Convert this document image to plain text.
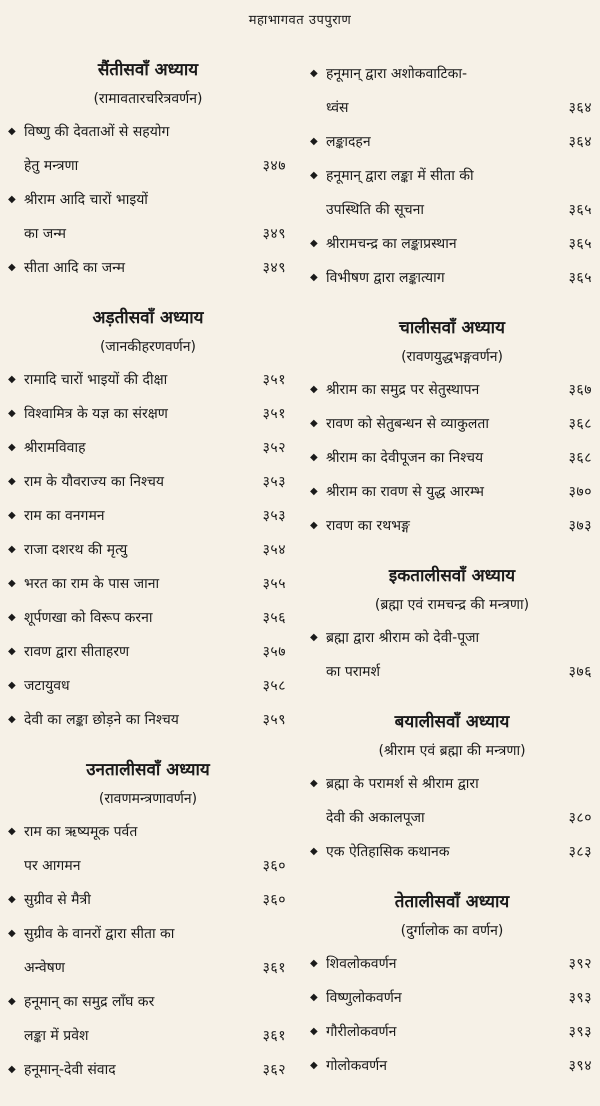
महाभागवत उपपुराण
सैंतीसवाँ अध्याय
(रामावतारचरित्रवर्णन)
◆ विष्णु की देवताओं से सहयोग
हेतु मन्त्रणा	३४७
◆ श्रीराम आदि चारों भाइयों
का जन्म	३४९
◆ सीता आदि का जन्म	३४९
अड़तीसवाँ अध्याय
(जानकीहरणवर्णन)
◆ रामादि चारों भाइयों की दीक्षा	३५१
◆ विश्वामित्र के यज्ञ का संरक्षण	३५१
◆ श्रीरामविवाह	३५२
◆ राम के यौवराज्य का निश्चय	३५३
◆ राम का वनगमन	३५३
◆ राजा दशरथ की मृत्यु	३५४
◆ भरत का राम के पास जाना	३५५
◆ शूर्पणखा को विरूप करना	३५६
◆ रावण द्वारा सीताहरण	३५७
◆ जटायुवध	३५८
◆ देवी का लङ्का छोड़ने का निश्चय	३५९
उनतालीसवाँ अध्याय
(रावणमन्त्रणावर्णन)
◆ राम का ऋष्यमूक पर्वत
पर आगमन	३६०
◆ सुग्रीव से मैत्री	३६०
◆ सुग्रीव के वानरों द्वारा सीता का
अन्वेषण	३६१
◆ हनूमान् का समुद्र लाँघ कर
लङ्का में प्रवेश	३६१
◆ हनूमान्-देवी संवाद	३६२
◆ हनूमान् द्वारा अशोकवाटिका-
ध्वंस	३६४
◆ लङ्कादहन	३६४
◆ हनूमान् द्वारा लङ्का में सीता की
उपस्थिति की सूचना	३६५
◆ श्रीरामचन्द्र का लङ्काप्रस्थान	३६५
◆ विभीषण द्वारा लङ्कात्याग	३६५
चालीसवाँ अध्याय
(रावणयुद्धभङ्गवर्णन)
◆ श्रीराम का समुद्र पर सेतुस्थापन	३६७
◆ रावण को सेतुबन्धन से व्याकुलता	३६८
◆ श्रीराम का देवीपूजन का निश्चय	३६८
◆ श्रीराम का रावण से युद्ध आरम्भ	३७०
◆ रावण का रथभङ्ग	३७३
इकतालीसवाँ अध्याय
(ब्रह्मा एवं रामचन्द्र की मन्त्रणा)
◆ ब्रह्मा द्वारा श्रीराम को देवी-पूजा
का परामर्श	३७६
बयालीसवाँ अध्याय
(श्रीराम एवं ब्रह्मा की मन्त्रणा)
◆ ब्रह्मा के परामर्श से श्रीराम द्वारा
देवी की अकालपूजा	३८०
◆ एक ऐतिहासिक कथानक	३८३
तेतालीसवाँ अध्याय
(दुर्गालोक का वर्णन)
◆ शिवलोकवर्णन	३९२
◆ विष्णुलोकवर्णन	३९३
◆ गौरीलोकवर्णन	३९३
◆ गोलोकवर्णन	३९४
